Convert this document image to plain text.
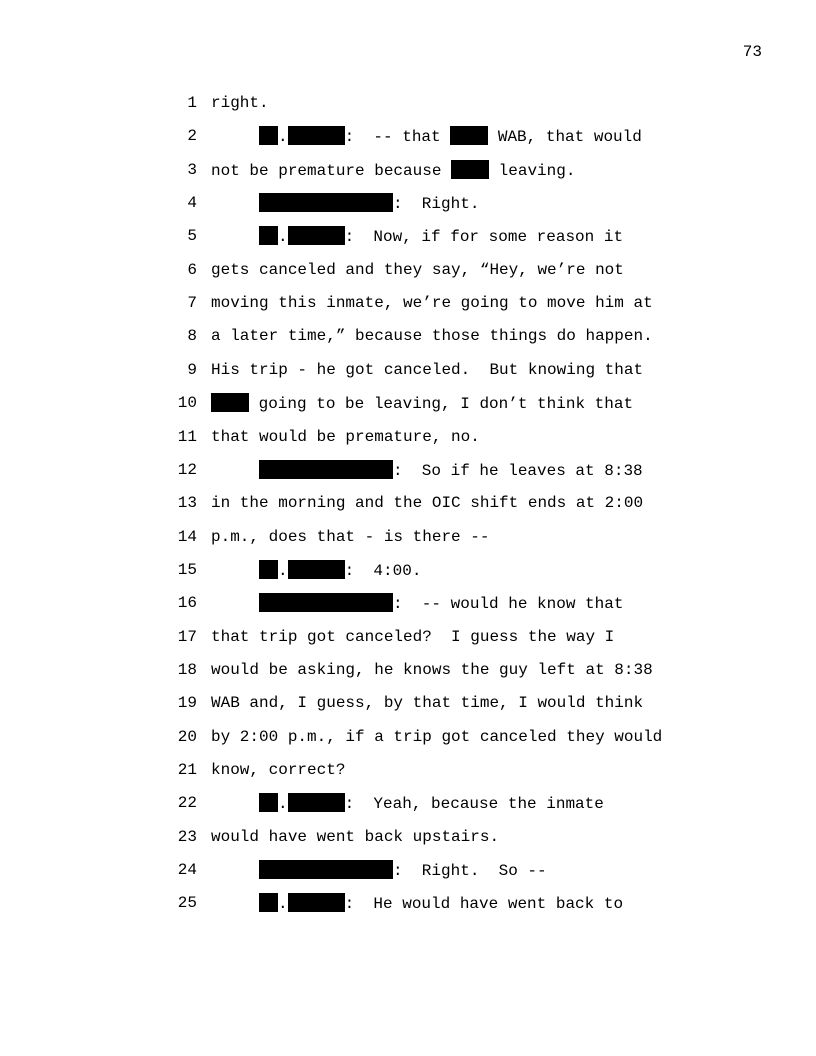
73
1 right.
2	.	:  -- that  WAB, that would
3 not be premature because  leaving.
4	:  Right.
5	.	:  Now, if for some reason it
6 gets canceled and they say, “Hey, we’re not
7 moving this inmate, we’re going to move him at
8 a later time,” because those things do happen.
9 His trip - he got canceled.  But knowing that
10	going to be leaving, I don’t think that
11 that would be premature, no.
12	:  So if he leaves at 8:38
13 in the morning and the OIC shift ends at 2:00
14 p.m., does that - is there --
15	.	:  4:00.
16	:  -- would he know that
17 that trip got canceled?  I guess the way I
18 would be asking, he knows the guy left at 8:38
19 WAB and, I guess, by that time, I would think
20 by 2:00 p.m., if a trip got canceled they would
21 know, correct?
22	.	:  Yeah, because the inmate
23 would have went back upstairs.
24	:  Right.  So --
25	.	:  He would have went back to
